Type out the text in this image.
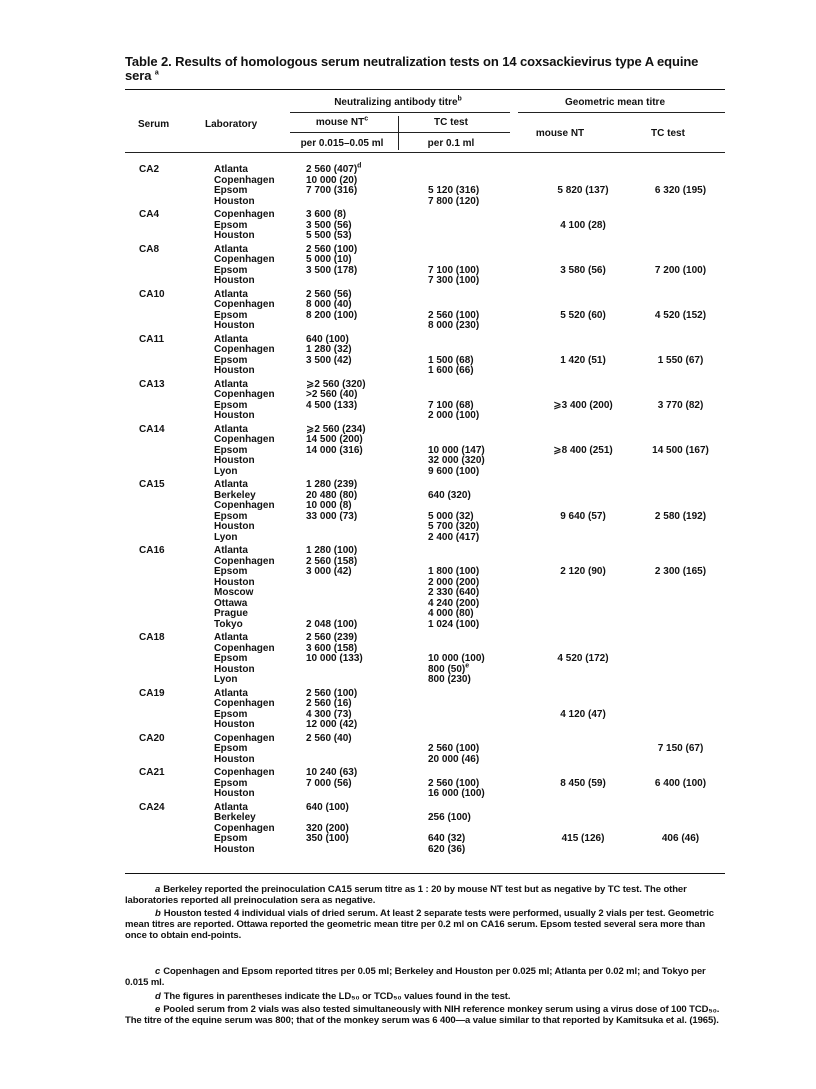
Table 2. Results of homologous serum neutralization tests on 14 coxsackievirus type A equine sera $^a$
Neutralizing antibody titre$^b$	Geometric mean titre
Serum	Laboratory	mouse $NT^c$	TC test
mouse NT	TC test
per 0.015–0.05 ml	per 0.1 ml
CA2	Atlanta	2 560 $(407)^d$			
	Copenhagen	10 000 (20)			
	Epsom	7 700 (316)	5 120 (316)	5 820 (137)	6 320 (195)
	Houston		7 800 (120)		

CA4	Copenhagen	3 600 (8)			
	Epsom	3 500 (56)		4 100 (28)	
	Houston	5 500 (53)			

CA8	Atlanta	2 560 (100)			
	Copenhagen	5 000 (10)			
	Epsom	3 500 (178)	7 100 (100)	3 580 (56)	7 200 (100)
	Houston		7 300 (100)		

CA10	Atlanta	2 560 (56)			
	Copenhagen	8 000 (40)			
	Epsom	8 200 (100)	2 560 (100)	5 520 (60)	4 520 (152)
	Houston		8 000 (230)		

CA11	Atlanta	640 (100)			
	Copenhagen	1 280 (32)			
	Epsom	3 500 (42)	1 500 (68)	1 420 (51)	1 550 (67)
	Houston		1 600 (66)		

CA13	Atlanta	⩾2 560 (320)			
	Copenhagen	>2 560 (40)			
	Epsom	4 500 (133)	7 100 (68)	⩾3 400 (200)	3 770 (82)
	Houston		2 000 (100)		

CA14	Atlanta	⩾2 560 (234)			
	Copenhagen	14 500 (200)			
	Epsom	14 000 (316)	10 000 (147)	⩾8 400 (251)	14 500 (167)
	Houston		32 000 (320)		
	Lyon		9 600 (100)		

CA15	Atlanta	1 280 (239)			
	Berkeley	20 480 (80)	640 (320)		
	Copenhagen	10 000 (8)			
	Epsom	33 000 (73)	5 000 (32)	9 640 (57)	2 580 (192)
	Houston		5 700 (320)		
	Lyon		2 400 (417)		

CA16	Atlanta	1 280 (100)			
	Copenhagen	2 560 (158)			
	Epsom	3 000 (42)	1 800 (100)	2 120 (90)	2 300 (165)
	Houston		2 000 (200)		
	Moscow		2 330 (640)		
	Ottawa		4 240 (200)		
	Prague		4 000 (80)		
	Tokyo	2 048 (100)	1 024 (100)		

CA18	Atlanta	2 560 (239)			
	Copenhagen	3 600 (158)			
	Epsom	10 000 (133)	10 000 (100)	4 520 (172)	
	Houston		800 $(50)^e$		
	Lyon		800 (230)		

CA19	Atlanta	2 560 (100)			
	Copenhagen	2 560 (16)			
	Epsom	4 300 (73)		4 120 (47)	
	Houston	12 000 (42)			

CA20	Copenhagen	2 560 (40)			
	Epsom		2 560 (100)		7 150 (67)
	Houston		20 000 (46)		

CA21	Copenhagen	10 240 (63)			
	Epsom	7 000 (56)	2 560 (100)	8 450 (59)	6 400 (100)
	Houston		16 000 (100)		

CA24	Atlanta	640 (100)			
	Berkeley		256 (100)		
	Copenhagen	320 (200)			
	Epsom	350 (100)	640 (32)	415 (126)	406 (46)
	Houston		620 (36)		
a Berkeley reported the preinoculation CA15 serum titre as 1 : 20 by mouse NT test but as negative by TC test. The other laboratories reported all preinoculation sera as negative.
b Houston tested 4 individual vials of dried serum. At least 2 separate tests were performed, usually 2 vials per test. Geometric mean titres are reported. Ottawa reported the geometric mean titre per 0.2 ml on CA16 serum. Epsom tested several sera more than once to obtain end-points.
c Copenhagen and Epsom reported titres per 0.05 ml; Berkeley and Houston per 0.025 ml; Atlanta per 0.02 ml; and Tokyo per 0.015 ml.
d The figures in parentheses indicate the LD₅₀ or TCD₅₀ values found in the test.
e Pooled serum from 2 vials was also tested simultaneously with NIH reference monkey serum using a virus dose of 100 TCD₅₀. The titre of the equine serum was 800; that of the monkey serum was 6 400—a value similar to that reported by Kamitsuka et al. (1965).
